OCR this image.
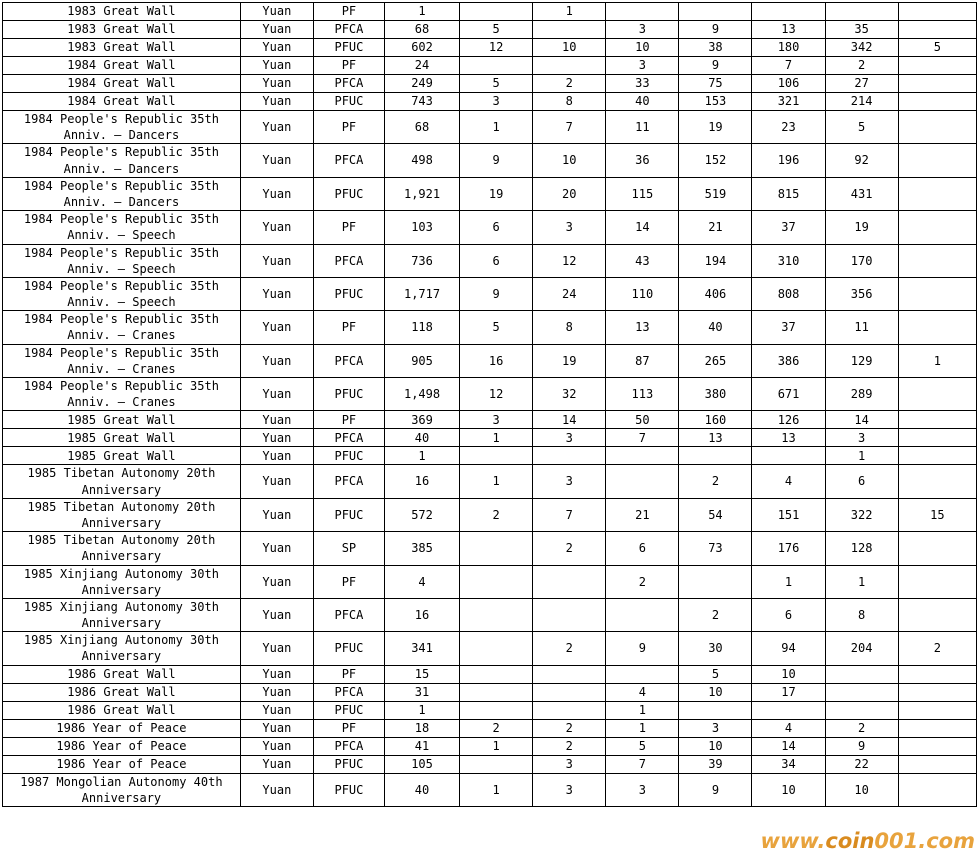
1983 Great Wall	Yuan	PF	1		1					
1983 Great Wall	Yuan	PFCA	68	5		3	9	13	35	
1983 Great Wall	Yuan	PFUC	602	12	10	10	38	180	342	5
1984 Great Wall	Yuan	PF	24			3	9	7	2	
1984 Great Wall	Yuan	PFCA	249	5	2	33	75	106	27	
1984 Great Wall	Yuan	PFUC	743	3	8	40	153	321	214	
1984 People's Republic 35th Anniv. – Dancers	Yuan	PF	68	1	7	11	19	23	5	
1984 People's Republic 35th Anniv. – Dancers	Yuan	PFCA	498	9	10	36	152	196	92	
1984 People's Republic 35th Anniv. – Dancers	Yuan	PFUC	1,921	19	20	115	519	815	431	
1984 People's Republic 35th Anniv. – Speech	Yuan	PF	103	6	3	14	21	37	19	
1984 People's Republic 35th Anniv. – Speech	Yuan	PFCA	736	6	12	43	194	310	170	
1984 People's Republic 35th Anniv. – Speech	Yuan	PFUC	1,717	9	24	110	406	808	356	
1984 People's Republic 35th Anniv. – Cranes	Yuan	PF	118	5	8	13	40	37	11	
1984 People's Republic 35th Anniv. – Cranes	Yuan	PFCA	905	16	19	87	265	386	129	1
1984 People's Republic 35th Anniv. – Cranes	Yuan	PFUC	1,498	12	32	113	380	671	289	
1985 Great Wall	Yuan	PF	369	3	14	50	160	126	14	
1985 Great Wall	Yuan	PFCA	40	1	3	7	13	13	3	
1985 Great Wall	Yuan	PFUC	1						1	
1985 Tibetan Autonomy 20th Anniversary	Yuan	PFCA	16	1	3		2	4	6	
1985 Tibetan Autonomy 20th Anniversary	Yuan	PFUC	572	2	7	21	54	151	322	15
1985 Tibetan Autonomy 20th Anniversary	Yuan	SP	385		2	6	73	176	128	
1985 Xinjiang Autonomy 30th Anniversary	Yuan	PF	4			2		1	1	
1985 Xinjiang Autonomy 30th Anniversary	Yuan	PFCA	16				2	6	8	
1985 Xinjiang Autonomy 30th Anniversary	Yuan	PFUC	341		2	9	30	94	204	2
1986 Great Wall	Yuan	PF	15				5	10		
1986 Great Wall	Yuan	PFCA	31			4	10	17		
1986 Great Wall	Yuan	PFUC	1			1				
1986 Year of Peace	Yuan	PF	18	2	2	1	3	4	2	
1986 Year of Peace	Yuan	PFCA	41	1	2	5	10	14	9	
1986 Year of Peace	Yuan	PFUC	105		3	7	39	34	22	
1987 Mongolian Autonomy 40th Anniversary	Yuan	PFUC	40	1	3	3	9	10	10	
www.coin001.com
